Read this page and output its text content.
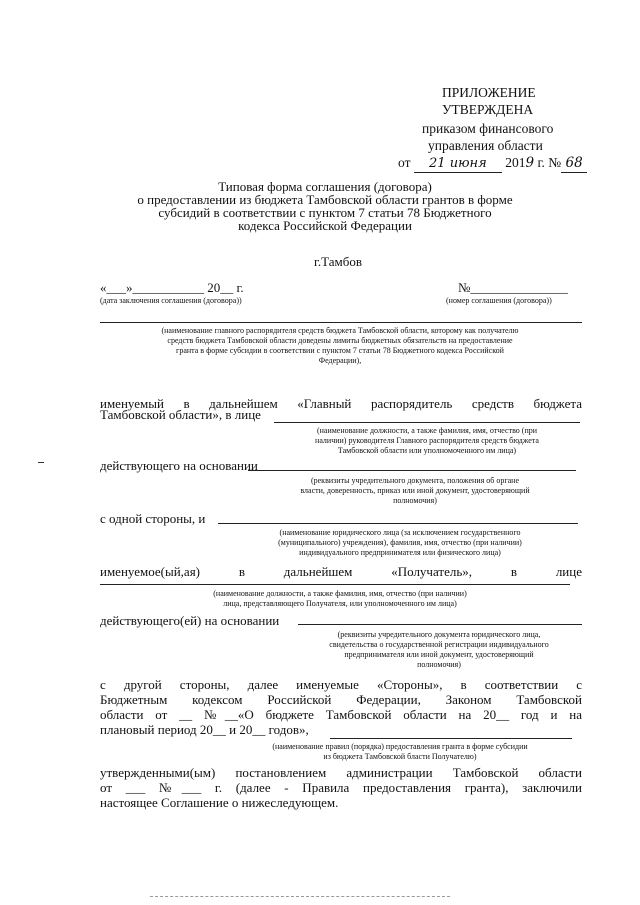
ПРИЛОЖЕНИЕ
УТВЕРЖДЕНА
приказом финансового
управления области
от 21 июня 2019 г. № 68
Типовая форма соглашения (договора)
о предоставлении из бюджета Тамбовской области грантов в форме
субсидий в соответствии с пунктом 7 статьи 78 Бюджетного
кодекса Российской Федерации
г.Тамбов
«___»___________ 20__ г.	№_______________
(дата заключения соглашения (договора))	(номер соглашения (договора))
(наименование главного распорядителя средств бюджета Тамбовской области, которому как получателю
средств бюджета Тамбовской области доведены лимиты бюджетных обязательств на предоставление
гранта в форме субсидии в соответствии с пунктом 7 статьи 78 Бюджетного кодекса Российской
Федерации),
именуемый в дальнейшем «Главный распорядитель средств бюджета
Тамбовской области», в лице
(наименование должности, а также фамилия, имя, отчество (при
наличии) руководителя Главного распорядителя средств бюджета
Тамбовской области или уполномоченного им лица)
действующего на основании
(реквизиты учредительного документа, положения об органе
власти, доверенность, приказ или иной документ, удостоверяющий
полномочия)
с одной стороны, и
(наименование юридического лица (за исключением государственного
(муниципального) учреждения), фамилия, имя, отчество (при наличии)
индивидуального предпринимателя или физического лица)
именуемое(ый,ая) в дальнейшем «Получатель», в лице
(наименование должности, а также фамилия, имя, отчество (при наличии)
лица, представляющего Получателя, или уполномоченного им лица)
действующего(ей) на основании
(реквизиты учредительного документа юридического лица,
свидетельства о государственной регистрации индивидуального
предпринимателя или иной документ, удостоверяющий
полномочия)
с другой стороны, далее именуемые «Стороны», в соответствии с
Бюджетным кодексом Российской Федерации, Законом Тамбовской
области от __ №__«О бюджете Тамбовской области на 20__ год и на
плановый период 20__ и 20__ годов»,
(наименование правил (порядка) предоставления гранта в форме субсидии
из бюджета Тамбовской бласти Получателю)
утвержденными(ым) постановлением администрации Тамбовской области
от ___ №___ г. (далее - Правила предоставления гранта), заключили
настоящее Соглашение о нижеследующем.
